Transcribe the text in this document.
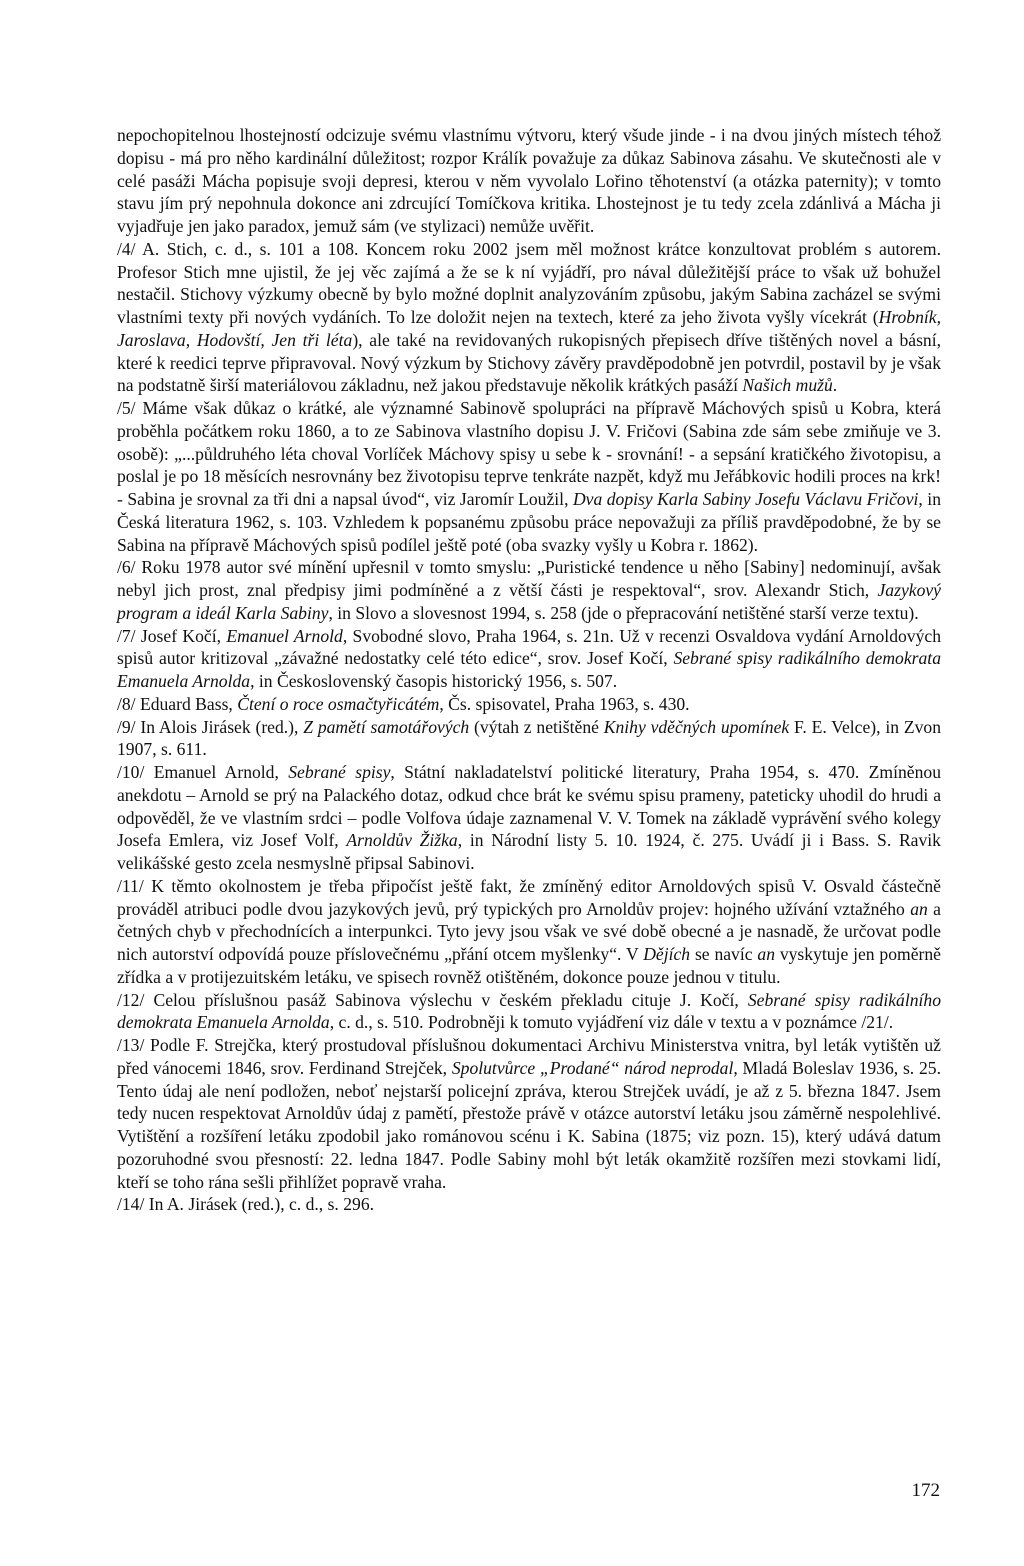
nepochopitelnou lhostejností odcizuje svému vlastnímu výtvoru, který všude jinde - i na dvou jiných místech téhož dopisu - má pro něho kardinální důležitost; rozpor Králík považuje za důkaz Sabinova zásahu. Ve skutečnosti ale v celé pasáži Mácha popisuje svoji depresi, kterou v něm vyvolalo Lořino těhotenství (a otázka paternity); v tomto stavu jím prý nepohnula dokonce ani zdrcující Tomíčkova kritika. Lhostejnost je tu tedy zcela zdánlivá a Mácha ji vyjadřuje jen jako paradox, jemuž sám (ve stylizaci) nemůže uvěřit.

/4/ A. Stich, c. d., s. 101 a 108. Koncem roku 2002 jsem měl možnost krátce konzultovat problém s autorem. Profesor Stich mne ujistil, že jej věc zajímá a že se k ní vyjádří, pro nával důležitější práce to však už bohužel nestačil. Stichovy výzkumy obecně by bylo možné doplnit analyzováním způsobu, jakým Sabina zacházel se svými vlastními texty při nových vydáních. To lze doložit nejen na textech, které za jeho života vyšly vícekrát (Hrobník, Jaroslava, Hodovští, Jen tři léta), ale také na revidovaných rukopisných přepisech dříve tištěných novel a básní, které k reedici teprve připravoval. Nový výzkum by Stichovy závěry pravděpodobně jen potvrdil, postavil by je však na podstatně širší materiálovou základnu, než jakou představuje několik krátkých pasáží Našich mužů.

/5/ Máme však důkaz o krátké, ale významné Sabinově spolupráci na přípravě Máchových spisů u Kobra, která proběhla počátkem roku 1860, a to ze Sabinova vlastního dopisu J. V. Fričovi (Sabina zde sám sebe zmiňuje ve 3. osobě): „...půldruhého léta choval Vorlíček Máchovy spisy u sebe k - srovnání! - a sepsání kratičkého životopisu, a poslal je po 18 měsících nesrovnány bez životopisu teprve tenkráte nazpět, když mu Jeřábkovic hodili proces na krk! - Sabina je srovnal za tři dni a napsal úvod“, viz Jaromír Loužil, Dva dopisy Karla Sabiny Josefu Václavu Fričovi, in Česká literatura 1962, s. 103. Vzhledem k popsanému způsobu práce nepovažuji za příliš pravděpodobné, že by se Sabina na přípravě Máchových spisů podílel ještě poté (oba svazky vyšly u Kobra r. 1862).

/6/ Roku 1978 autor své mínění upřesnil v tomto smyslu: „Puristické tendence u něho [Sabiny] nedominují, avšak nebyl jich prost, znal předpisy jimi podmíněné a z větší části je respektoval“, srov. Alexandr Stich, Jazykový program a ideál Karla Sabiny, in Slovo a slovesnost 1994, s. 258 (jde o přepracování netištěné starší verze textu).

/7/ Josef Kočí, Emanuel Arnold, Svobodné slovo, Praha 1964, s. 21n. Už v recenzi Osvaldova vydání Arnoldových spisů autor kritizoval „závažné nedostatky celé této edice“, srov. Josef Kočí, Sebrané spisy radikálního demokrata Emanuela Arnolda, in Československý časopis historický 1956, s. 507.

/8/ Eduard Bass, Čtení o roce osmačtyřicátém, Čs. spisovatel, Praha 1963, s. 430.

/9/ In Alois Jirásek (red.), Z pamětí samotářových (výtah z netištěné Knihy vděčných upomínek F. E. Velce), in Zvon 1907, s. 611.

/10/ Emanuel Arnold, Sebrané spisy, Státní nakladatelství politické literatury, Praha 1954, s. 470. Zmíněnou anekdotu – Arnold se prý na Palackého dotaz, odkud chce brát ke svému spisu prameny, pateticky uhodil do hrudi a odpověděl, že ve vlastním srdci – podle Volfova údaje zaznamenal V. V. Tomek na základě vyprávění svého kolegy Josefa Emlera, viz Josef Volf, Arnoldův Žižka, in Národní listy 5. 10. 1924, č. 275. Uvádí ji i Bass. S. Ravik velikášské gesto zcela nesmyslně připsal Sabinovi.

/11/ K těmto okolnostem je třeba připočíst ještě fakt, že zmíněný editor Arnoldových spisů V. Osvald částečně prováděl atribuci podle dvou jazykových jevů, prý typických pro Arnoldův projev: hojného užívání vztažného an a četných chyb v přechodnících a interpunkci. Tyto jevy jsou však ve své době obecné a je nasnadě, že určovat podle nich autorství odpovídá pouze příslovečnému „přání otcem myšlenky“. V Dějích se navíc an vyskytuje jen poměrně zřídka a v protijezuitském letáku, ve spisech rovněž otištěném, dokonce pouze jednou v titulu.

/12/ Celou příslušnou pasáž Sabinova výslechu v českém překladu cituje J. Kočí, Sebrané spisy radikálního demokrata Emanuela Arnolda, c. d., s. 510. Podrobněji k tomuto vyjádření viz dále v textu a v poznámce /21/.

/13/ Podle F. Strejčka, který prostudoval příslušnou dokumentaci Archivu Ministerstva vnitra, byl leták vytištěn už před vánocemi 1846, srov. Ferdinand Strejček, Spolutvůrce „Prodané“ národ neprodal, Mladá Boleslav 1936, s. 25. Tento údaj ale není podložen, neboť nejstarší policejní zpráva, kterou Strejček uvádí, je až z 5. března 1847. Jsem tedy nucen respektovat Arnoldův údaj z pamětí, přestože právě v otázce autorství letáku jsou záměrně nespolehlivé. Vytištění a rozšíření letáku zpodobil jako románovou scénu i K. Sabina (1875; viz pozn. 15), který udává datum pozoruhodné svou přesností: 22. ledna 1847. Podle Sabiny mohl být leták okamžitě rozšířen mezi stovkami lidí, kteří se toho rána sešli přihlížet popravě vraha.

/14/ In A. Jirásek (red.), c. d., s. 296.

172
